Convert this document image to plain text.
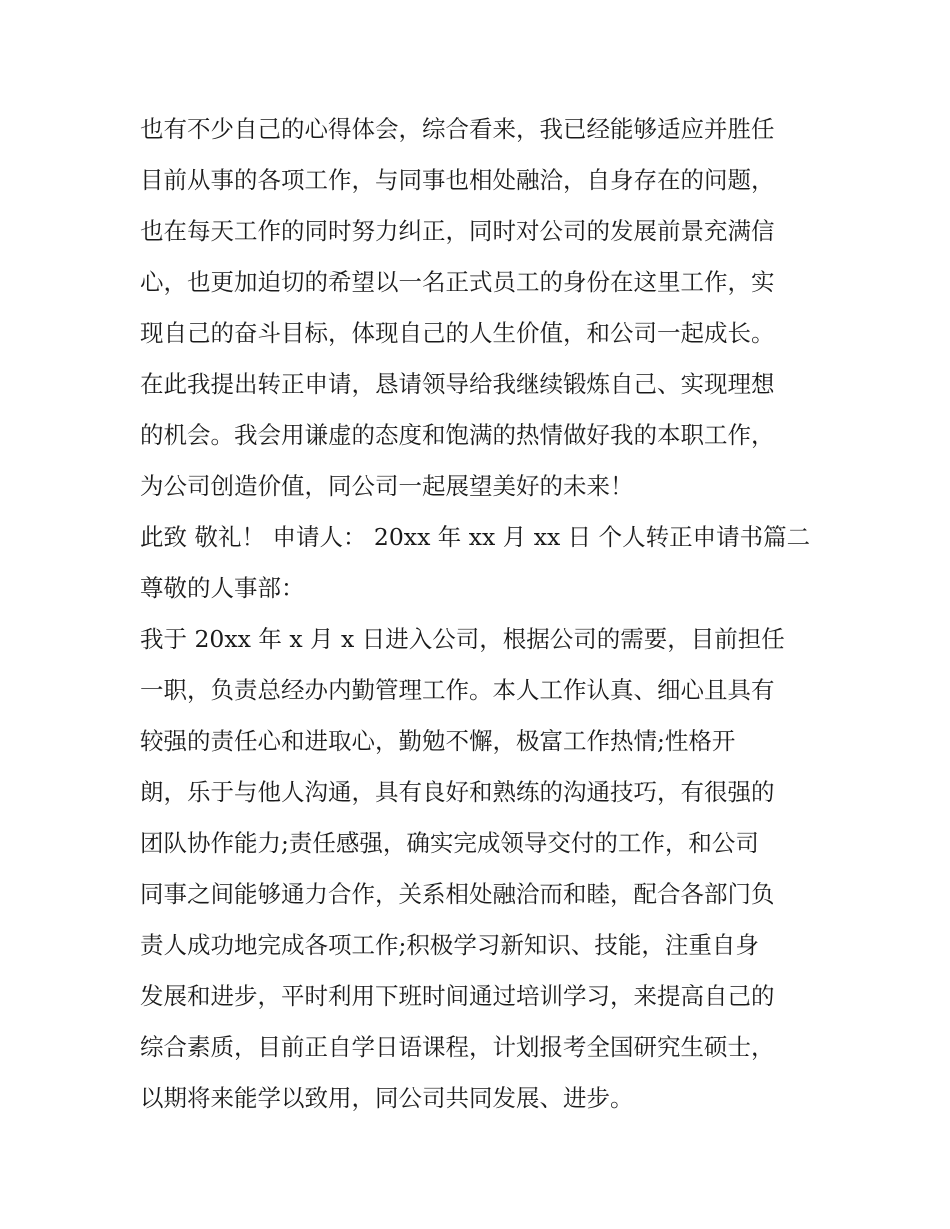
也有不少自己的心得体会，综合看来，我已经能够适应并胜任
目前从事的各项工作，与同事也相处融洽，自身存在的问题，
也在每天工作的同时努力纠正，同时对公司的发展前景充满信
心，也更加迫切的希望以一名正式员工的身份在这里工作，实
现自己的奋斗目标，体现自己的人生价值，和公司一起成长。
在此我提出转正申请，恳请领导给我继续锻炼自己、实现理想
的机会。我会用谦虚的态度和饱满的热情做好我的本职工作，
为公司创造价值，同公司一起展望美好的未来！
此致 敬礼！ 申请人： 20xx 年 xx 月 xx 日 个人转正申请书篇二
尊敬的人事部：
我于 20xx 年 x 月 x 日进入公司，根据公司的需要，目前担任
一职，负责总经办内勤管理工作。本人工作认真、细心且具有
较强的责任心和进取心，勤勉不懈，极富工作热情;性格开
朗，乐于与他人沟通，具有良好和熟练的沟通技巧，有很强的
团队协作能力;责任感强，确实完成领导交付的工作，和公司
同事之间能够通力合作，关系相处融洽而和睦，配合各部门负
责人成功地完成各项工作;积极学习新知识、技能，注重自身
发展和进步，平时利用下班时间通过培训学习，来提高自己的
综合素质，目前正自学日语课程，计划报考全国研究生硕士，
以期将来能学以致用，同公司共同发展、进步。
